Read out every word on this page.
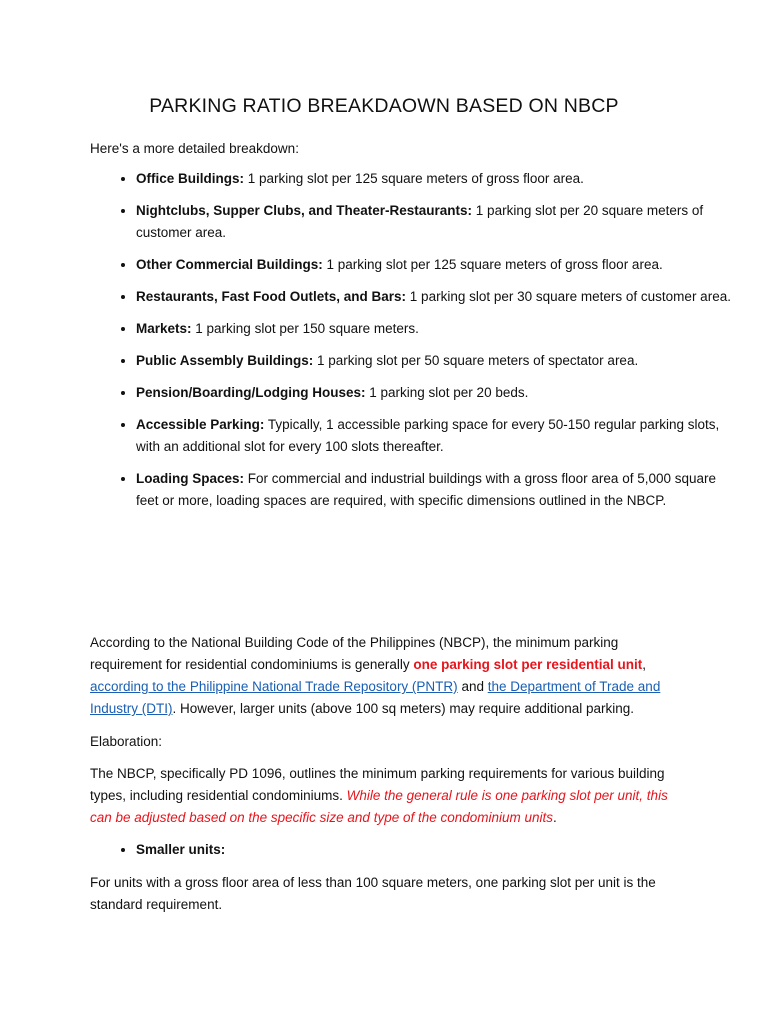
PARKING RATIO BREAKDAOWN BASED ON NBCP

Here's a more detailed breakdown:

• Office Buildings: 1 parking slot per 125 square meters of gross floor area.
• Nightclubs, Supper Clubs, and Theater-Restaurants: 1 parking slot per 20 square meters of customer area.
• Other Commercial Buildings: 1 parking slot per 125 square meters of gross floor area.
• Restaurants, Fast Food Outlets, and Bars: 1 parking slot per 30 square meters of customer area.
• Markets: 1 parking slot per 150 square meters.
• Public Assembly Buildings: 1 parking slot per 50 square meters of spectator area.
• Pension/Boarding/Lodging Houses: 1 parking slot per 20 beds.
• Accessible Parking: Typically, 1 accessible parking space for every 50-150 regular parking slots, with an additional slot for every 100 slots thereafter.
• Loading Spaces: For commercial and industrial buildings with a gross floor area of 5,000 square feet or more, loading spaces are required, with specific dimensions outlined in the NBCP.

According to the National Building Code of the Philippines (NBCP), the minimum parking requirement for residential condominiums is generally one parking slot per residential unit, according to the Philippine National Trade Repository (PNTR) and the Department of Trade and Industry (DTI). However, larger units (above 100 sq meters) may require additional parking.

Elaboration:

The NBCP, specifically PD 1096, outlines the minimum parking requirements for various building types, including residential condominiums. While the general rule is one parking slot per unit, this can be adjusted based on the specific size and type of the condominium units.

• Smaller units:

For units with a gross floor area of less than 100 square meters, one parking slot per unit is the standard requirement.
